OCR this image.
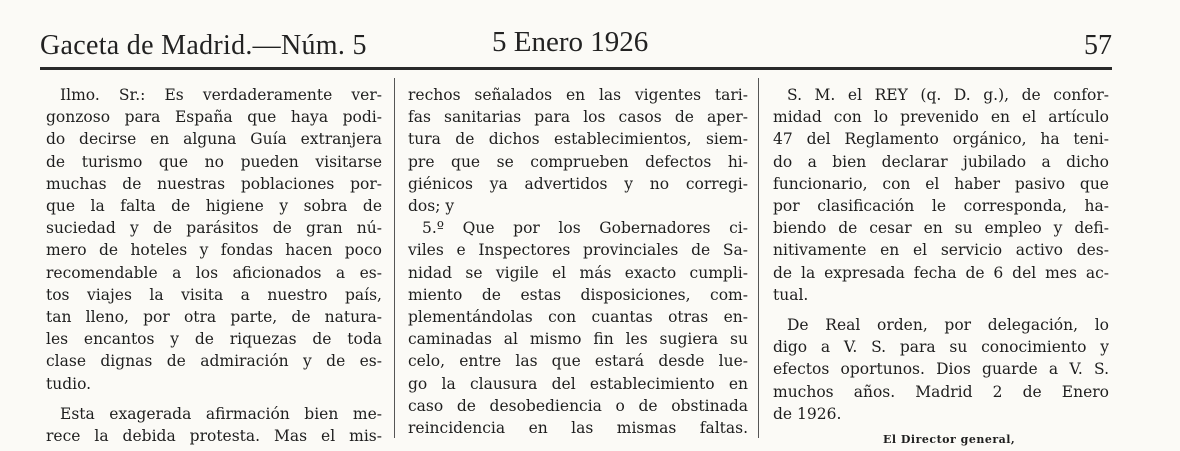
Gaceta de Madrid.—Núm. 5	5 Enero 1926	57
Ilmo. Sr.: Es verdaderamente ver-
gonzoso para España que haya podi-
do decirse en alguna Guía extranjera
de turismo que no pueden visitarse
muchas de nuestras poblaciones por-
que la falta de higiene y sobra de
suciedad y de parásitos de gran nú-
mero de hoteles y fondas hacen poco
recomendable a los aficionados a es-
tos viajes la visita a nuestro país,
tan lleno, por otra parte, de natura-
les encantos y de riquezas de toda
clase dignas de admiración y de es-
tudio.
Esta exagerada afirmación bien me-
rece la debida protesta. Mas el mis-
rechos señalados en las vigentes tari-
fas sanitarias para los casos de aper-
tura de dichos establecimientos, siem-
pre que se comprueben defectos hi-
giénicos ya advertidos y no corregi-
dos; y
5.º Que por los Gobernadores ci-
viles e Inspectores provinciales de Sa-
nidad se vigile el más exacto cumpli-
miento de estas disposiciones, com-
plementándolas con cuantas otras en-
caminadas al mismo fin les sugiera su
celo, entre las que estará desde lue-
go la clausura del establecimiento en
caso de desobediencia o de obstinada
reincidencia en las mismas faltas.
S. M. el REY (q. D. g.), de confor-
midad con lo prevenido en el artículo
47 del Reglamento orgánico, ha teni-
do a bien declarar jubilado a dicho
funcionario, con el haber pasivo que
por clasificación le corresponda, ha-
biendo de cesar en su empleo y defi-
nitivamente en el servicio activo des-
de la expresada fecha de 6 del mes ac-
tual.
De Real orden, por delegación, lo
digo a V. S. para su conocimiento y
efectos oportunos. Dios guarde a V. S.
muchos años. Madrid 2 de Enero
de 1926.
El Director general,
